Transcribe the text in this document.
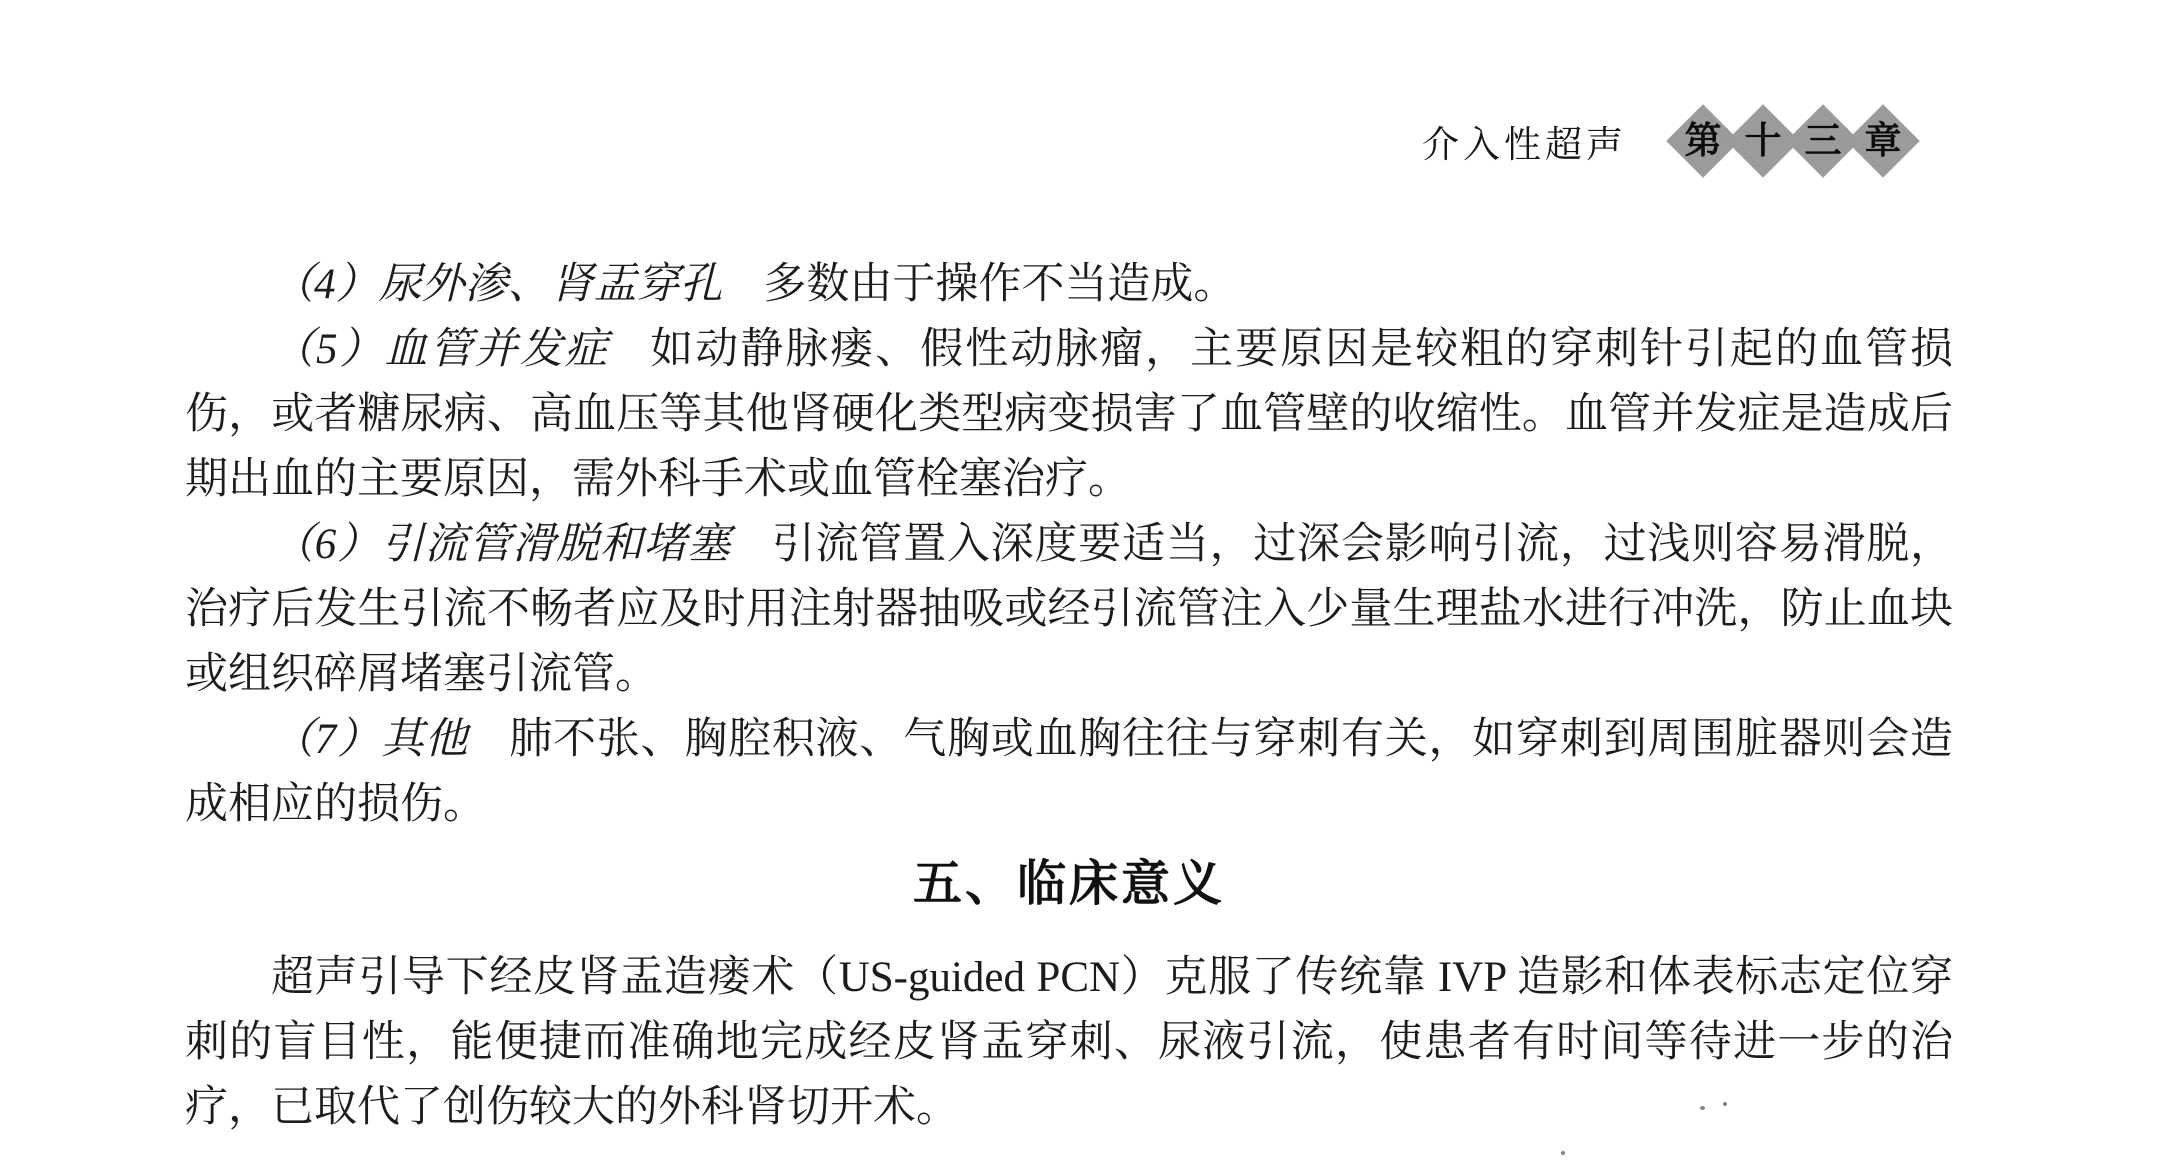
介入性超声 第 十 三 章

（4）尿外渗、肾盂穿孔 多数由于操作不当造成。

（5）血管并发症 如动静脉瘘、假性动脉瘤，主要原因是较粗的穿刺针引起的血管损伤，或者糖尿病、高血压等其他肾硬化类型病变损害了血管壁的收缩性。血管并发症是造成后期出血的主要原因，需外科手术或血管栓塞治疗。

（6）引流管滑脱和堵塞 引流管置入深度要适当，过深会影响引流，过浅则容易滑脱，治疗后发生引流不畅者应及时用注射器抽吸或经引流管注入少量生理盐水进行冲洗，防止血块或组织碎屑堵塞引流管。

（7）其他 肺不张、胸腔积液、气胸或血胸往往与穿刺有关，如穿刺到周围脏器则会造成相应的损伤。

五、临床意义

超声引导下经皮肾盂造瘘术（US-guided PCN）克服了传统靠 IVP 造影和体表标志定位穿刺的盲目性，能便捷而准确地完成经皮肾盂穿刺、尿液引流，使患者有时间等待进一步的治疗，已取代了创伤较大的外科肾切开术。
